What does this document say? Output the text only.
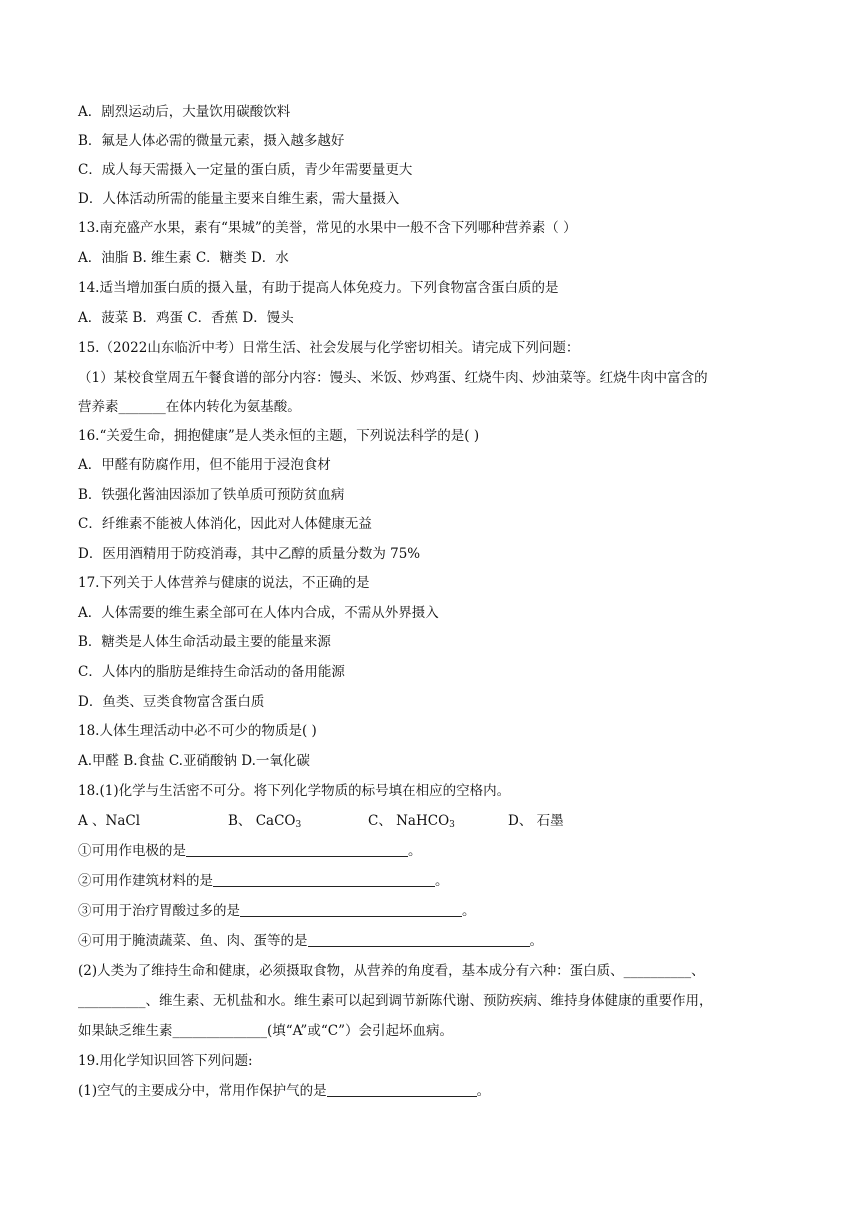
A．剧烈运动后，大量饮用碳酸饮料
B．氟是人体必需的微量元素，摄入越多越好
C．成人每天需摄入一定量的蛋白质，青少年需要量更大
D．人体活动所需的能量主要来自维生素，需大量摄入
13.南充盛产水果，素有“果城”的美誉，常见的水果中一般不含下列哪种营养素（ ）
A．油脂 B. 维生素 C．糖类 D．水
14.适当增加蛋白质的摄入量，有助于提高人体免疫力。下列食物富含蛋白质的是
A．菠菜 B．鸡蛋 C．香蕉 D．馒头
15.（2022山东临沂中考）日常生活、社会发展与化学密切相关。请完成下列问题：
（1）某校食堂周五午餐食谱的部分内容：馒头、米饭、炒鸡蛋、红烧牛肉、炒油菜等。红烧牛肉中富含的
营养素_______在体内转化为氨基酸。
16.“关爱生命，拥抱健康”是人类永恒的主题，下列说法科学的是( )
A．甲醛有防腐作用，但不能用于浸泡食材
B．铁强化酱油因添加了铁单质可预防贫血病
C．纤维素不能被人体消化，因此对人体健康无益
D．医用酒精用于防疫消毒，其中乙醇的质量分数为 75%
17.下列关于人体营养与健康的说法，不正确的是
A．人体需要的维生素全部可在人体内合成，不需从外界摄入
B．糖类是人体生命活动最主要的能量来源
C．人体内的脂肪是维持生命活动的备用能源
D．鱼类、豆类食物富含蛋白质
18.人体生理活动中必不可少的物质是( )
A.甲醛 B.食盐 C.亚硝酸钠 D.一氧化碳
18.(1)化学与生活密不可分。将下列化学物质的标号填在相应的空格内。
A 、NaCl	B、 CaCO$_3$	C、 NaHCO$_3$	D、 石墨
①可用作电极的是	。
②可用作建筑材料的是	。
③可用于治疗胃酸过多的是	。
④可用于腌渍蔬菜、鱼、肉、蛋等的是	。
(2)人类为了维持生命和健康，必须摄取食物，从营养的角度看，基本成分有六种：蛋白质、__________、
__________、维生素、无机盐和水。维生素可以起到调节新陈代谢、预防疾病、维持身体健康的重要作用，
如果缺乏维生素______________(填“A”或“C”）会引起坏血病。
19.用化学知识回答下列问题:
(1)空气的主要成分中，常用作保护气的是	。
